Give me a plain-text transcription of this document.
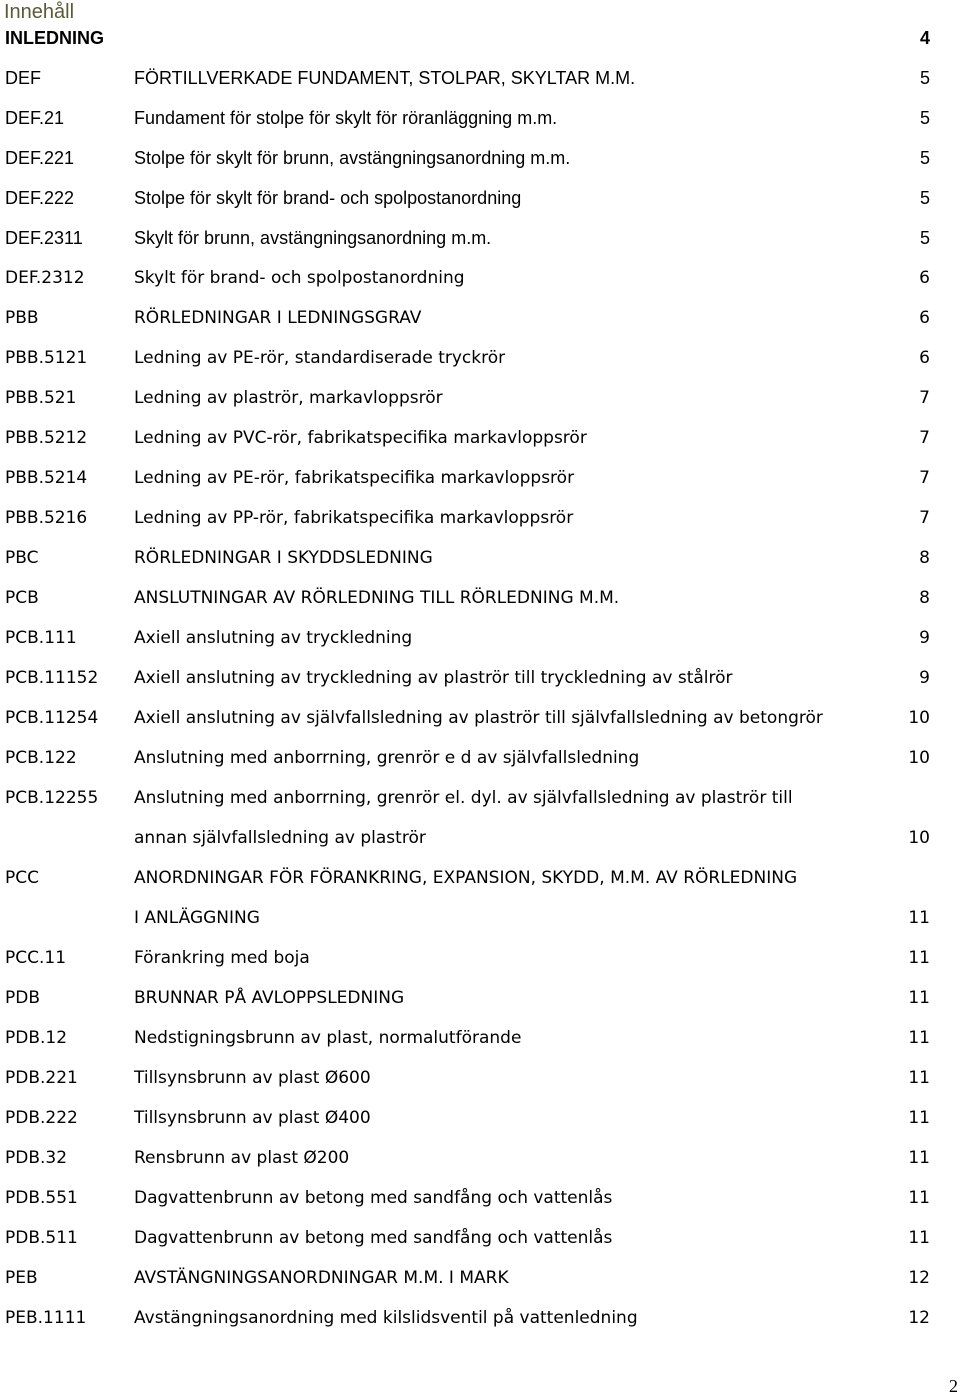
Innehåll
INLEDNING	4
DEF	FÖRTILLVERKADE FUNDAMENT, STOLPAR, SKYLTAR M.M.	5
DEF.21	Fundament för stolpe för skylt för röranläggning m.m.	5
DEF.221	Stolpe för skylt för brunn, avstängningsanordning m.m.	5
DEF.222	Stolpe för skylt för brand- och spolpostanordning	5
DEF.2311	Skylt för brunn, avstängningsanordning m.m.	5
DEF.2312	Skylt för brand- och spolpostanordning	6
PBB	RÖRLEDNINGAR I LEDNINGSGRAV	6
PBB.5121	Ledning av PE-rör, standardiserade tryckrör	6
PBB.521	Ledning av plaströr, markavloppsrör	7
PBB.5212	Ledning av PVC-rör, fabrikatspecifika markavloppsrör	7
PBB.5214	Ledning av PE-rör, fabrikatspecifika markavloppsrör	7
PBB.5216	Ledning av PP-rör, fabrikatspecifika markavloppsrör	7
PBC	RÖRLEDNINGAR I SKYDDSLEDNING	8
PCB	ANSLUTNINGAR AV RÖRLEDNING TILL RÖRLEDNING M.M.	8
PCB.111	Axiell anslutning av tryckledning	9
PCB.11152 Axiell anslutning av tryckledning av plaströr till tryckledning av stålrör	9
PCB.11254 Axiell anslutning av självfallsledning av plaströr till självfallsledning av betongrör	10
PCB.122	Anslutning med anborrning, grenrör e d av självfallsledning	10
PCB.12255 Anslutning med anborrning, grenrör el. dyl. av självfallsledning av plaströr till
annan självfallsledning av plaströr	10
PCC	ANORDNINGAR FÖR FÖRANKRING, EXPANSION, SKYDD, M.M. AV RÖRLEDNING
I ANLÄGGNING	11
PCC.11	Förankring med boja	11
PDB	BRUNNAR PÅ AVLOPPSLEDNING	11
PDB.12	Nedstigningsbrunn av plast, normalutförande	11
PDB.221	Tillsynsbrunn av plast Ø600	11
PDB.222	Tillsynsbrunn av plast Ø400	11
PDB.32	Rensbrunn av plast Ø200	11
PDB.551	Dagvattenbrunn av betong med sandfång och vattenlås	11
PDB.511	Dagvattenbrunn av betong med sandfång och vattenlås	11
PEB	AVSTÄNGNINGSANORDNINGAR M.M. I MARK	12
PEB.1111	Avstängningsanordning med kilslidsventil på vattenledning	12
2
